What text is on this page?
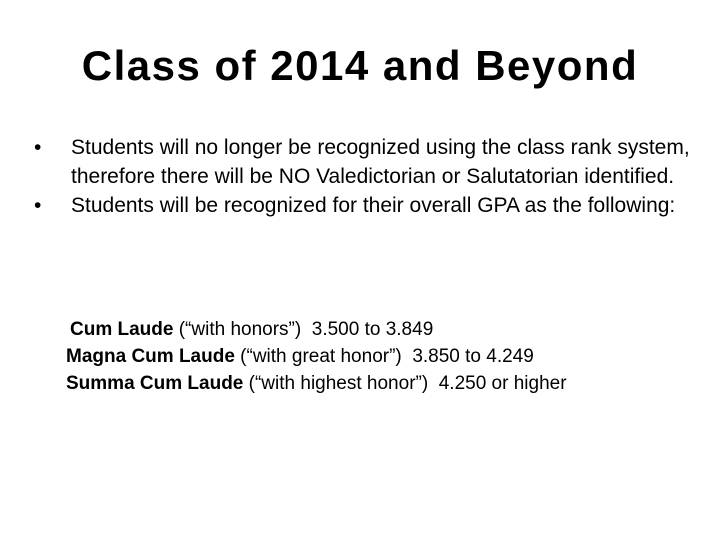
Class of 2014 and Beyond
•	Students will no longer be recognized using the class rank system, therefore there will be NO Valedictorian or Salutatorian identified.
•	Students will be recognized for their overall GPA as the following:
Cum Laude (“with honors”)  3.500 to 3.849
Magna Cum Laude (“with great honor”)  3.850 to 4.249
Summa Cum Laude (“with highest honor”)  4.250 or higher
